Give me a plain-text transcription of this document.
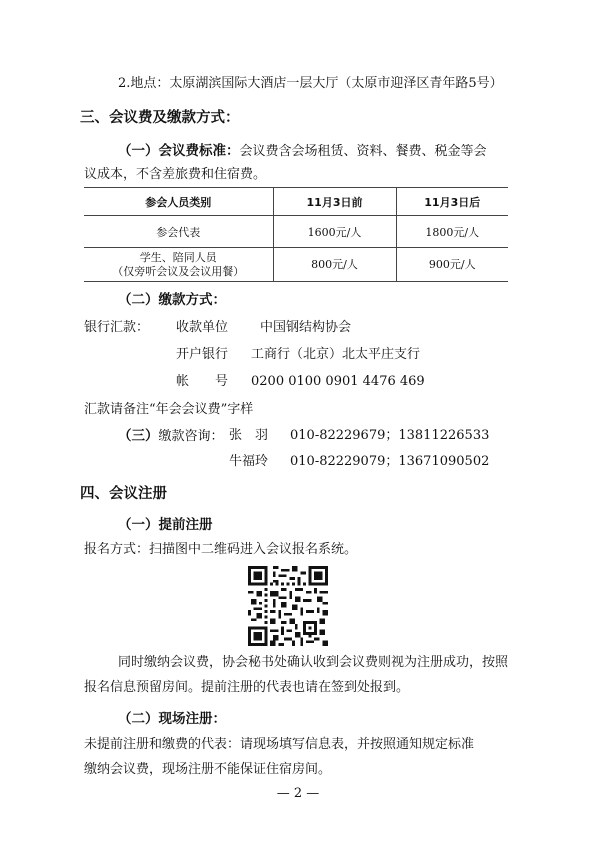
2.地点：太原湖滨国际大酒店一层大厅（太原市迎泽区青年路5号）
三、会议费及缴款方式：
（一）会议费标准：会议费含会场租赁、资料、餐费、税金等会
议成本，不含差旅费和住宿费。
参会人员类别	11月3日前	11月3日后
参会代表	1600元/人	1800元/人

学生、陪同人员
（仅旁听会议及会议用餐）	800元/人	900元/人
（二）缴款方式：
银行汇款： 收款单位 中国钢结构协会
开户银行 工商行（北京）北太平庄支行
帐　　号 0200 0100 0901 4476 469
汇款请备注“年会会议费”字样
（三）缴款咨询： 张　羽 010-82229679；13811226533
牛福玲 010-82229079；13671090502
四、会议注册
（一）提前注册
报名方式：扫描图中二维码进入会议报名系统。
同时缴纳会议费，协会秘书处确认收到会议费则视为注册成功，按照
报名信息预留房间。提前注册的代表也请在签到处报到。
（二）现场注册：
未提前注册和缴费的代表：请现场填写信息表，并按照通知规定标准
缴纳会议费，现场注册不能保证住宿房间。
— 2 —
